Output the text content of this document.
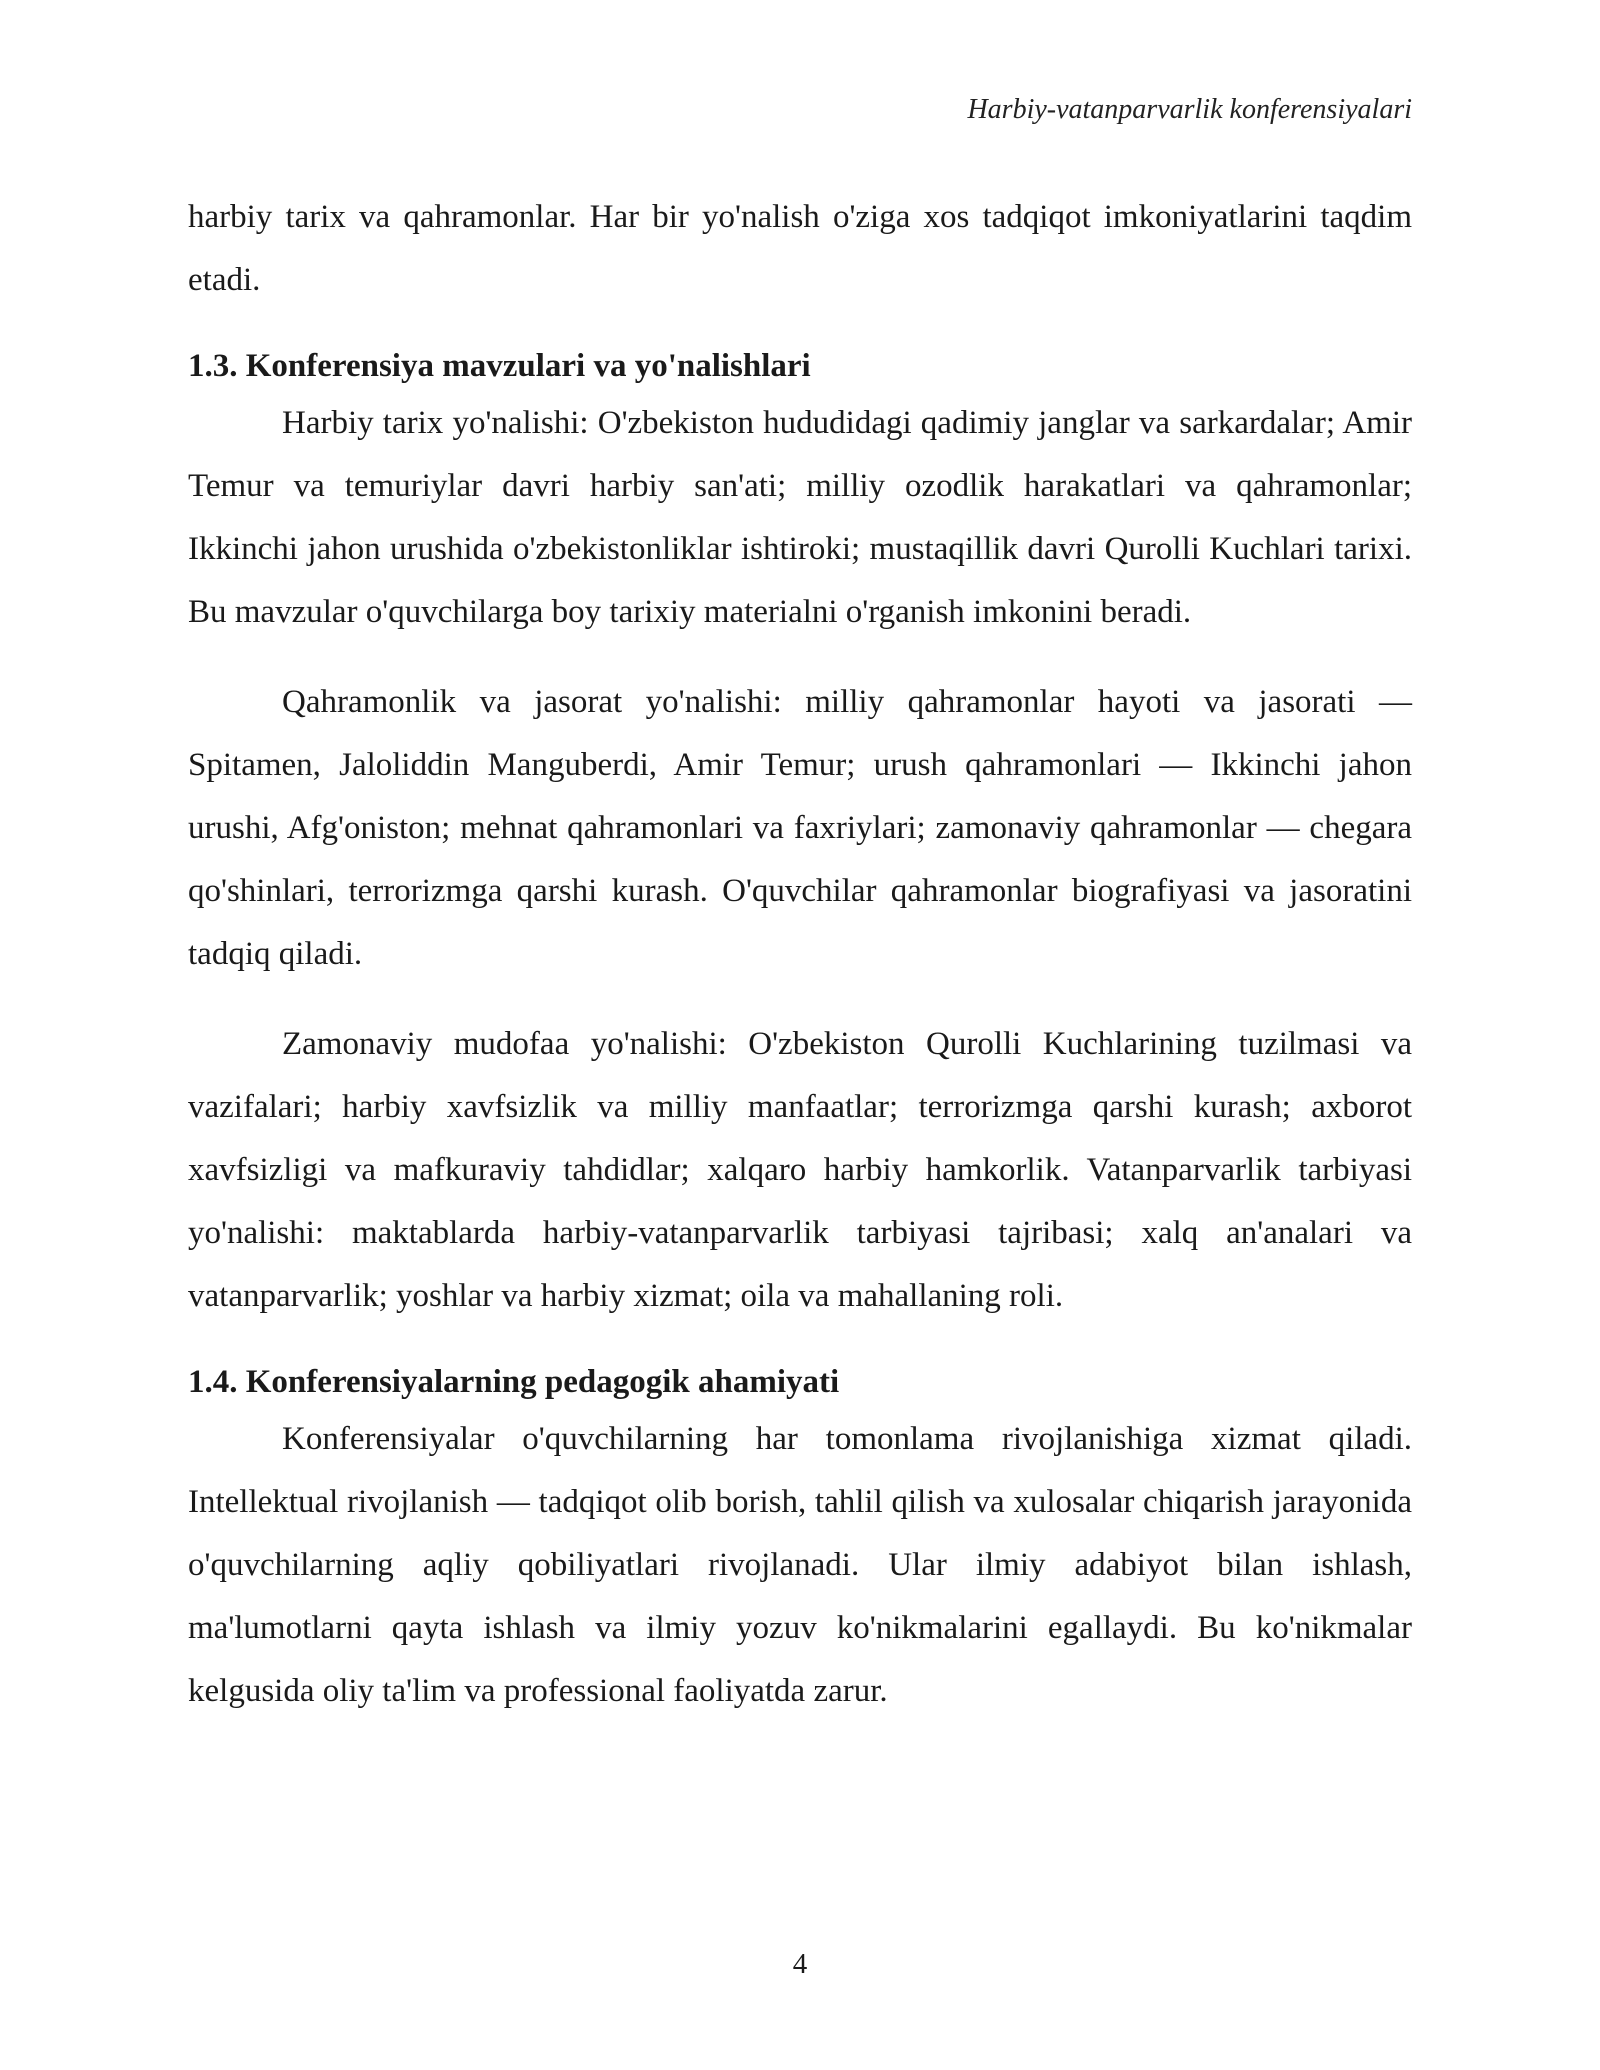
Harbiy-vatanparvarlik konferensiyalari

harbiy tarix va qahramonlar. Har bir yo'nalish o'ziga xos tadqiqot imkoniyatlarini taqdim etadi.

1.3. Konferensiya mavzulari va yo'nalishlari

Harbiy tarix yo'nalishi: O'zbekiston hududidagi qadimiy janglar va sarkardalar; Amir Temur va temuriylar davri harbiy san'ati; milliy ozodlik harakatlari va qahramonlar; Ikkinchi jahon urushida o'zbekistonliklar ishtiroki; mustaqillik davri Qurolli Kuchlari tarixi. Bu mavzular o'quvchilarga boy tarixiy materialni o'rganish imkonini beradi.

Qahramonlik va jasorat yo'nalishi: milliy qahramonlar hayoti va jasorati — Spitamen, Jaloliddin Manguberdi, Amir Temur; urush qahramonlari — Ikkinchi jahon urushi, Afg'oniston; mehnat qahramonlari va faxriylari; zamonaviy qahramonlar — chegara qo'shinlari, terrorizmga qarshi kurash. O'quvchilar qahramonlar biografiyasi va jasoratini tadqiq qiladi.

Zamonaviy mudofaa yo'nalishi: O'zbekiston Qurolli Kuchlarining tuzilmasi va vazifalari; harbiy xavfsizlik va milliy manfaatlar; terrorizmga qarshi kurash; axborot xavfsizligi va mafkuraviy tahdidlar; xalqaro harbiy hamkorlik. Vatanparvarlik tarbiyasi yo'nalishi: maktablarda harbiy-vatanparvarlik tarbiyasi tajribasi; xalq an'analari va vatanparvarlik; yoshlar va harbiy xizmat; oila va mahallaning roli.

1.4. Konferensiyalarning pedagogik ahamiyati

Konferensiyalar o'quvchilarning har tomonlama rivojlanishiga xizmat qiladi. Intellektual rivojlanish — tadqiqot olib borish, tahlil qilish va xulosalar chiqarish jarayonida o'quvchilarning aqliy qobiliyatlari rivojlanadi. Ular ilmiy adabiyot bilan ishlash, ma'lumotlarni qayta ishlash va ilmiy yozuv ko'nikmalarini egallaydi. Bu ko'nikmalar kelgusida oliy ta'lim va professional faoliyatda zarur.

4
